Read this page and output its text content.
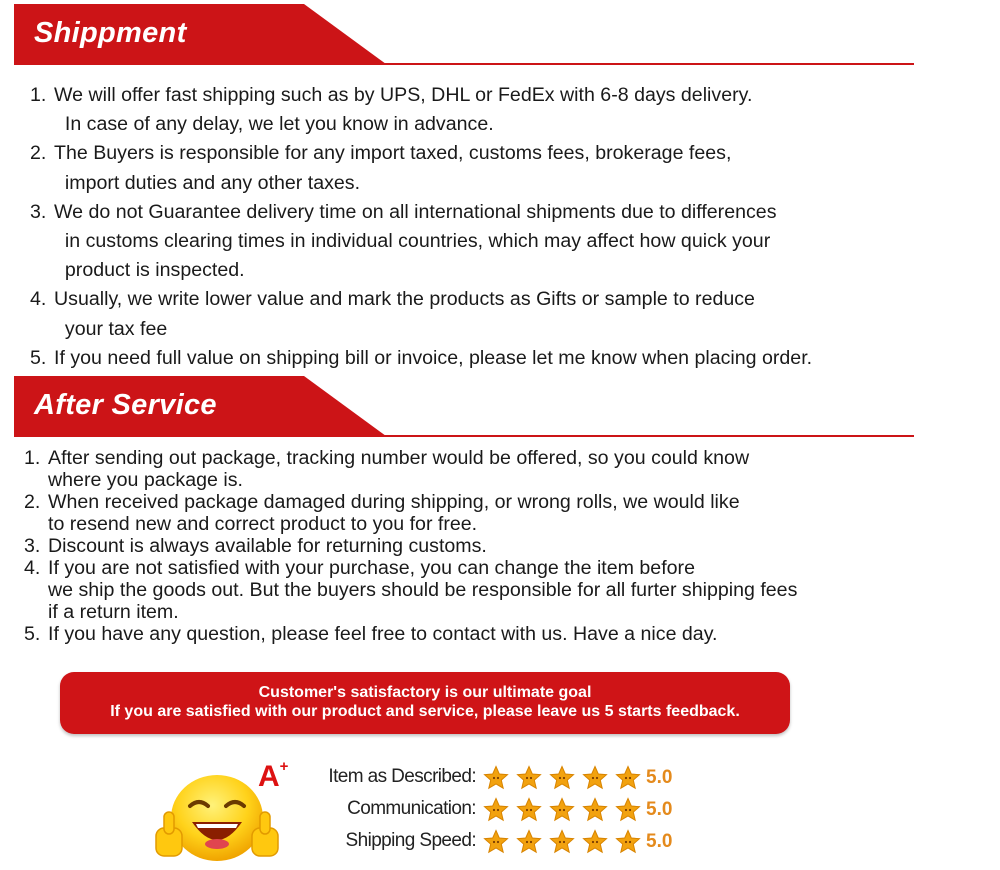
Shippment
1. We will offer fast shipping such as by UPS, DHL or FedEx with 6-8 days delivery.
In case of any delay, we let you know in advance.
2. The Buyers is responsible for any import taxed, customs fees, brokerage fees,
import duties and any other taxes.
3. We do not Guarantee delivery time on all international shipments due to differences
in customs clearing times in individual countries, which may affect how quick your
product is inspected.
4. Usually, we write lower value and mark the products as Gifts or sample to reduce
your tax fee
5. If you need full value on shipping bill or invoice, please let me know when placing order.
After Service
1. After sending out package, tracking number would be offered, so you could know
where you package is.
2. When received package damaged during shipping, or wrong rolls, we would like
to resend new and correct product to you for free.
3. Discount is always available for returning customs.
4. If you are not satisfied with your purchase, you can change the item before
we ship the goods out. But the buyers should be responsible for all furter shipping fees
if a return item.
5. If you have any question, please feel free to contact with us. Have a nice day.
Customer's satisfactory is our ultimate goal
If you are satisfied with our product and service, please leave us 5 starts feedback.
A+ Item as Described:
Communication:
Shipping Speed:
5.0
5.0
5.0
